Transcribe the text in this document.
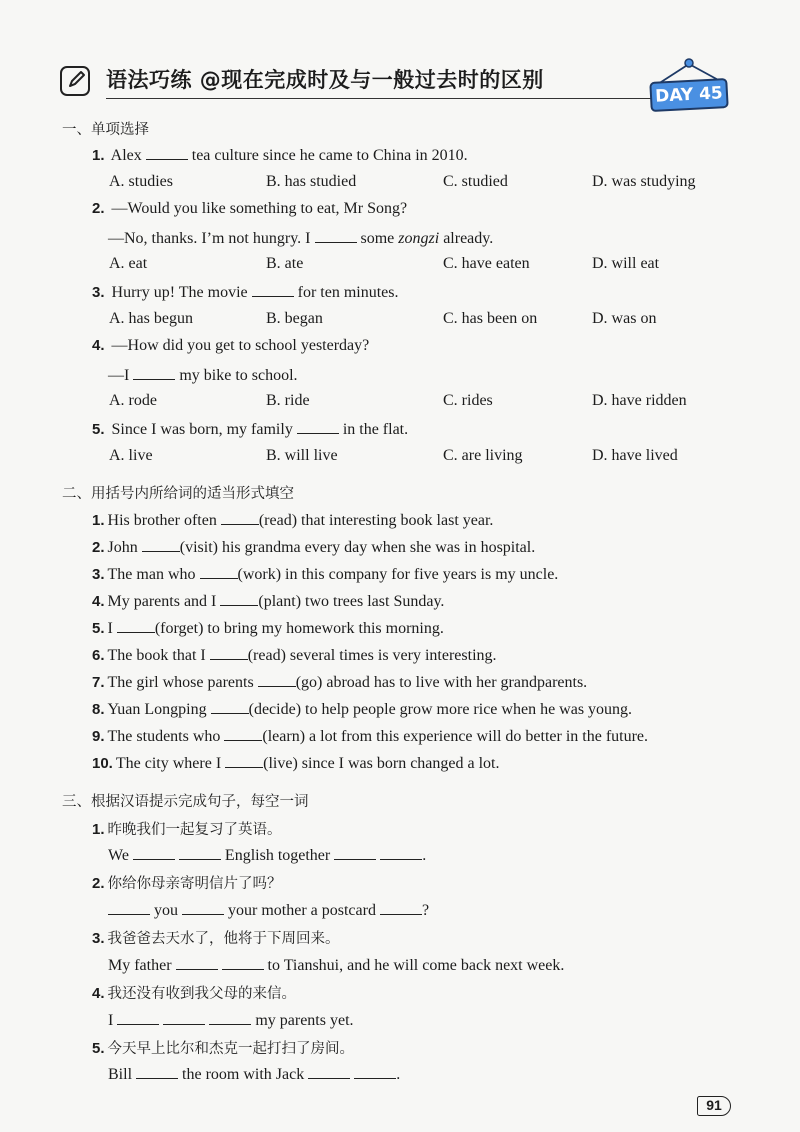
语法巧练 @现在完成时及与一般过去时的区别
DAY 45
一、单项选择
1. Alex	tea culture since he came to China in 2010.
A. studies	B. has studied	C. studied	D. was studying
2. —Would you like something to eat, Mr Song?
—No, thanks. I’m not hungry. I	some zongzi already.
A. eat	B. ate	C. have eaten	D. will eat
3. Hurry up! The movie	for ten minutes.
A. has begun	B. began	C. has been on	D. was on
4. —How did you get to school yesterday?
—I	my bike to school.
A. rode	B. ride	C. rides	D. have ridden
5. Since I was born, my family	in the flat.
A. live	B. will live	C. are living	D. have lived
二、用括号内所给词的适当形式填空
1. His brother often	(read) that interesting book last year.
2. John	(visit) his grandma every day when she was in hospital.
3. The man who	(work) in this company for five years is my uncle.
4. My parents and I	(plant) two trees last Sunday.
5. I	(forget) to bring my homework this morning.
6. The book that I	(read) several times is very interesting.
7. The girl whose parents	(go) abroad has to live with her grandparents.
8. Yuan Longping	(decide) to help people grow more rice when he was young.
9. The students who	(learn) a lot from this experience will do better in the future.
10. The city where I	(live) since I was born changed a lot.
三、根据汉语提示完成句子，每空一词
1. 昨晚我们一起复习了英语。
We	English together	.
2. 你给你母亲寄明信片了吗？
you	your mother a postcard	?
3. 我爸爸去天水了，他将于下周回来。
My father	to Tianshui, and he will come back next week.
4. 我还没有收到我父母的来信。
I	my parents yet.
5. 今天早上比尔和杰克一起打扫了房间。
Bill	the room with Jack	.
91
